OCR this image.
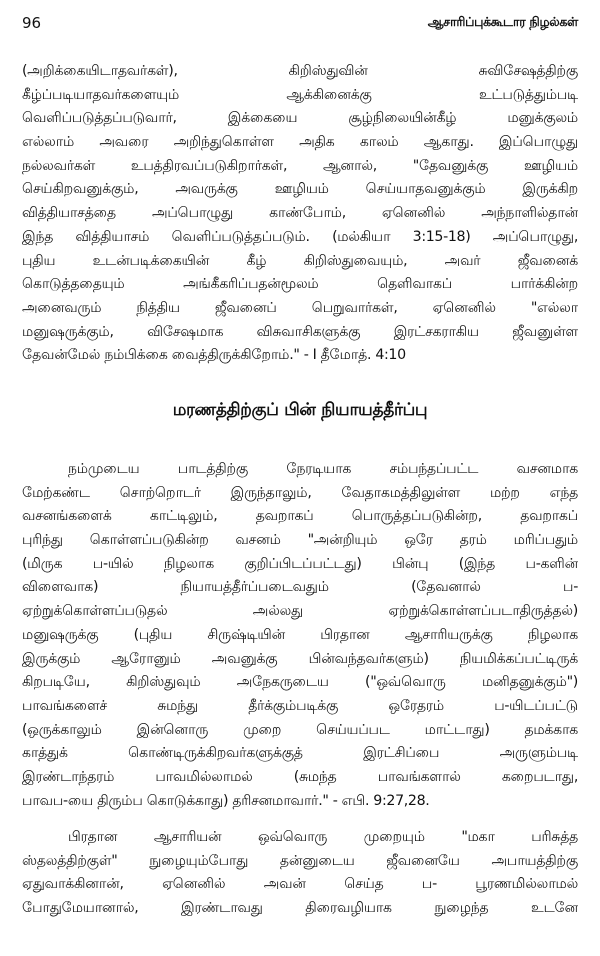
96	ஆசாரிப்புக்கூடார நிழல்கள்
(அறிக்கையிடாதவர்கள்), கிறிஸ்துவின் சுவிசேஷத்திற்கு
கீழ்ப்படியாதவர்களையும் ஆக்கினைக்கு உட்படுத்தும்படி
வெளிப்படுத்தப்படுவார், இக்கையை சூழ்நிலையின்கீழ் மனுக்குலம்
எல்லாம் அவரை அறிந்துகொள்ள அதிக காலம் ஆகாது. இப்பொழுது
நல்லவர்கள் உபத்திரவப்படுகிறார்கள், ஆனால், "தேவனுக்கு ஊழியம்
செய்கிறவனுக்கும், அவருக்கு ஊழியம் செய்யாதவனுக்கும் இருக்கிற
வித்தியாசத்தை அப்பொழுது காண்போம், ஏனெனில் அந்நாளில்தான்
இந்த வித்தியாசம் வெளிப்படுத்தப்படும். (மல்கியா 3:15-18) அப்பொழுது,
புதிய உடன்படிக்கையின் கீழ் கிறிஸ்துவையும், அவர் ஜீவனைக்
கொடுத்ததையும் அங்கீகரிப்பதன்மூலம் தெளிவாகப் பார்க்கின்ற
அனைவரும் நித்திய ஜீவனைப் பெறுவார்கள், ஏனெனில் "எல்லா
மனுஷருக்கும், விசேஷமாக விசுவாசிகளுக்கு இரட்சகராகிய ஜீவனுள்ள
தேவன்மேல் நம்பிக்கை வைத்திருக்கிறோம்." - I தீமோத். 4:10
மரணத்திற்குப் பின் நியாயத்தீர்ப்பு
நம்முடைய பாடத்திற்கு நேரடியாக சம்பந்தப்பட்ட வசனமாக
மேற்கண்ட சொற்றொடர் இருந்தாலும், வேதாகமத்திலுள்ள மற்ற எந்த
வசனங்களைக் காட்டிலும், தவறாகப் பொருத்தப்படுகின்ற, தவறாகப்
புரிந்து கொள்ளப்படுகின்ற வசனம் "அன்றியும் ஒரே தரம் மரிப்பதும்
(மிருக ப-யில் நிழலாக குறிப்பிடப்பட்டது) பின்பு (இந்த ப-களின்
விளைவாக) நியாயத்தீர்ப்படைவதும் (தேவனால் ப-
ஏற்றுக்கொள்ளப்படுதல் அல்லது ஏற்றுக்கொள்ளப்படாதிருத்தல்)
மனுஷருக்கு (புதிய சிருஷ்டியின் பிரதான ஆசாரியருக்கு நிழலாக
இருக்கும் ஆரோனும் அவனுக்கு பின்வந்தவர்களும்) நியமிக்கப்பட்டிருக்
கிறபடியே, கிறிஸ்துவும் அநேகருடைய ("ஒவ்வொரு மனிதனுக்கும்")
பாவங்களைச் சுமந்து தீர்க்கும்படிக்கு ஒரேதரம் ப-யிடப்பட்டு
(ஒருக்காலும் இன்னொரு முறை செய்யப்பட மாட்டாது) தமக்காக
காத்துக் கொண்டிருக்கிறவர்களுக்குத் இரட்சிப்பை அருளும்படி
இரண்டாந்தரம் பாவமில்லாமல் (சுமந்த பாவங்களால் கறைபடாது,
பாவப-யை திரும்ப கொடுக்காது) தரிசனமாவார்." - எபி. 9:27,28.
பிரதான ஆசாரியன் ஒவ்வொரு முறையும் "மகா பரிசுத்த
ஸ்தலத்திற்குள்" நுழையும்போது தன்னுடைய ஜீவனையே அபாயத்திற்கு
ஏதுவாக்கினான், ஏனெனில் அவன் செய்த ப- பூரணமில்லாமல்
போதுமேயானால், இரண்டாவது திரைவழியாக நுழைந்த உடனே
